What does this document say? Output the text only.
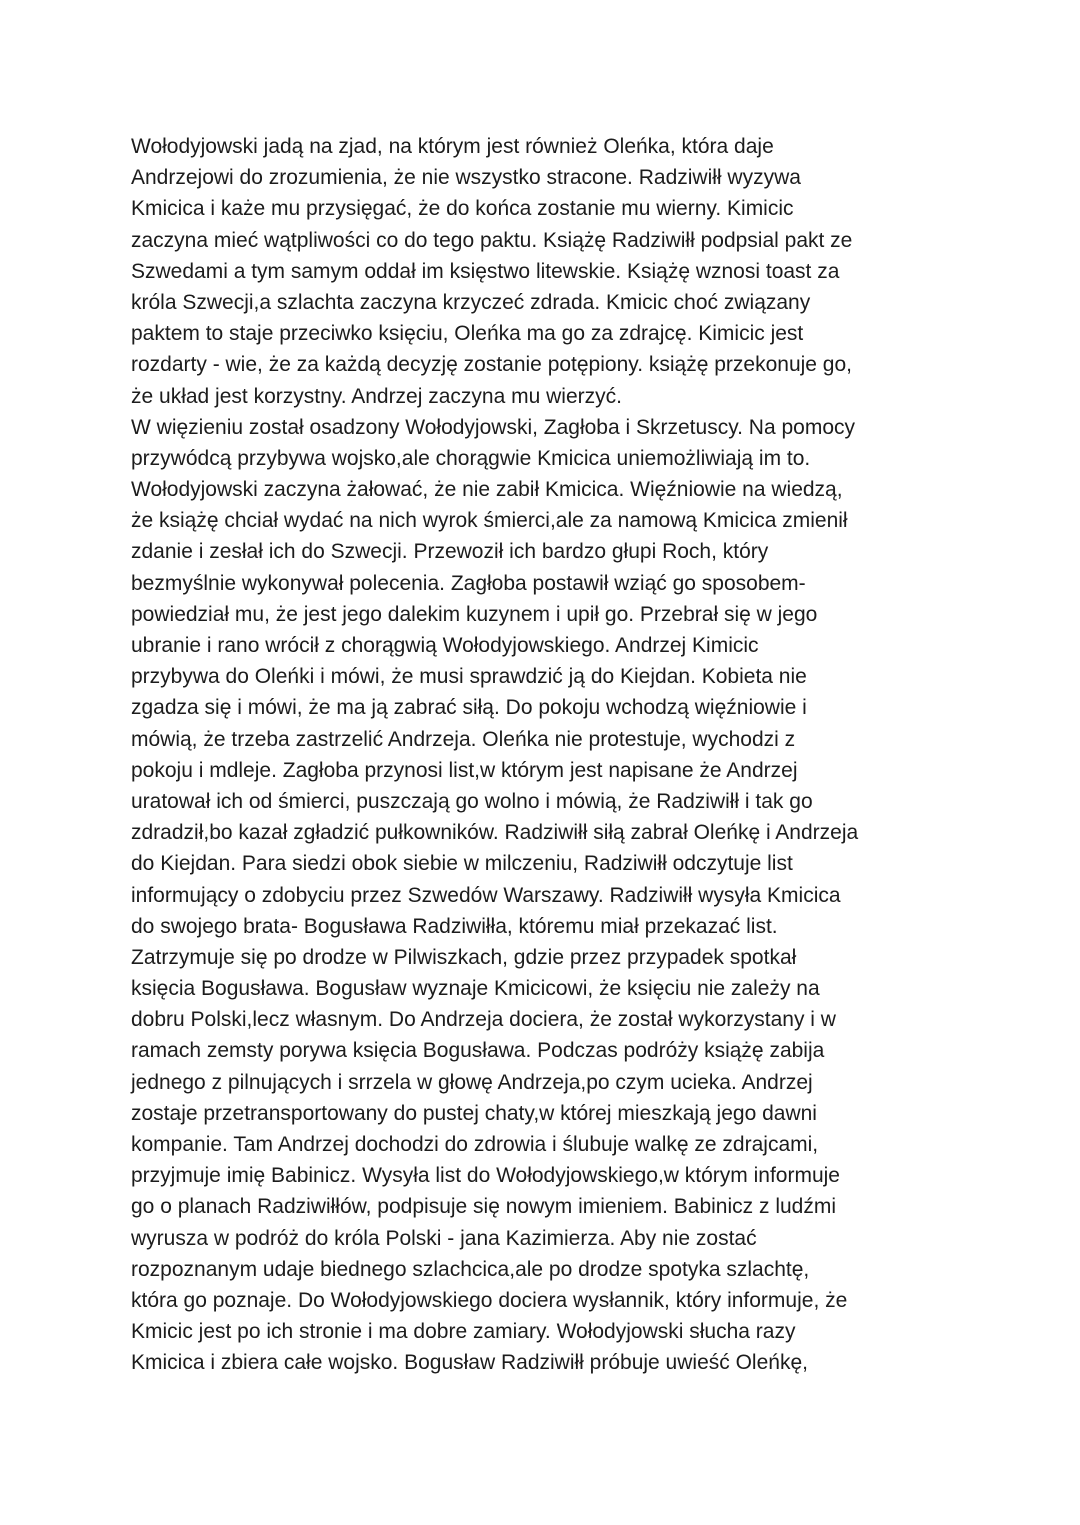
Wołodyjowski jadą na zjad, na którym jest również Oleńka, która daje
Andrzejowi do zrozumienia, że nie wszystko stracone. Radziwiłł wyzywa
Kmicica i każe mu przysięgać, że do końca zostanie mu wierny. Kimicic
zaczyna mieć wątpliwości co do tego paktu. Książę Radziwiłł podpsial pakt ze
Szwedami a tym samym oddał im księstwo litewskie. Książę wznosi toast za
króla Szwecji,a szlachta zaczyna krzyczeć zdrada. Kmicic choć związany
paktem to staje przeciwko księciu, Oleńka ma go za zdrajcę. Kimicic jest
rozdarty - wie, że za każdą decyzję zostanie potępiony. książę przekonuje go,
że układ jest korzystny. Andrzej zaczyna mu wierzyć.
W więzieniu został osadzony Wołodyjowski, Zagłoba i Skrzetuscy. Na pomocy
przywódcą przybywa wojsko,ale chorągwie Kmicica uniemożliwiają im to.
Wołodyjowski zaczyna żałować, że nie zabił Kmicica. Więźniowie na wiedzą,
że książę chciał wydać na nich wyrok śmierci,ale za namową Kmicica zmienił
zdanie i zesłał ich do Szwecji. Przewoził ich bardzo głupi Roch, który
bezmyślnie wykonywał polecenia. Zagłoba postawił wziąć go sposobem-
powiedział mu, że jest jego dalekim kuzynem i upił go. Przebrał się w jego
ubranie i rano wrócił z chorągwią Wołodyjowskiego. Andrzej Kimicic
przybywa do Oleńki i mówi, że musi sprawdzić ją do Kiejdan. Kobieta nie
zgadza się i mówi, że ma ją zabrać siłą. Do pokoju wchodzą więźniowie i
mówią, że trzeba zastrzelić Andrzeja. Oleńka nie protestuje, wychodzi z
pokoju i mdleje. Zagłoba przynosi list,w którym jest napisane że Andrzej
uratował ich od śmierci, puszczają go wolno i mówią, że Radziwiłł i tak go
zdradził,bo kazał zgładzić pułkowników. Radziwiłł siłą zabrał Oleńkę i Andrzeja
do Kiejdan. Para siedzi obok siebie w milczeniu, Radziwiłł odczytuje list
informujący o zdobyciu przez Szwedów Warszawy. Radziwiłł wysyła Kmicica
do swojego brata- Bogusława Radziwiłła, któremu miał przekazać list.
Zatrzymuje się po drodze w Pilwiszkach, gdzie przez przypadek spotkał
księcia Bogusława. Bogusław wyznaje Kmicicowi, że księciu nie zależy na
dobru Polski,lecz własnym. Do Andrzeja dociera, że został wykorzystany i w
ramach zemsty porywa księcia Bogusława. Podczas podróży książę zabija
jednego z pilnujących i srrzela w głowę Andrzeja,po czym ucieka. Andrzej
zostaje przetransportowany do pustej chaty,w której mieszkają jego dawni
kompanie. Tam Andrzej dochodzi do zdrowia i ślubuje walkę ze zdrajcami,
przyjmuje imię Babinicz. Wysyła list do Wołodyjowskiego,w którym informuje
go o planach Radziwiłłów, podpisuje się nowym imieniem. Babinicz z ludźmi
wyrusza w podróż do króla Polski - jana Kazimierza. Aby nie zostać
rozpoznanym udaje biednego szlachcica,ale po drodze spotyka szlachtę,
która go poznaje. Do Wołodyjowskiego dociera wysłannik, który informuje, że
Kmicic jest po ich stronie i ma dobre zamiary. Wołodyjowski słucha razy
Kmicica i zbiera całe wojsko. Bogusław Radziwiłł próbuje uwieść Oleńkę,
